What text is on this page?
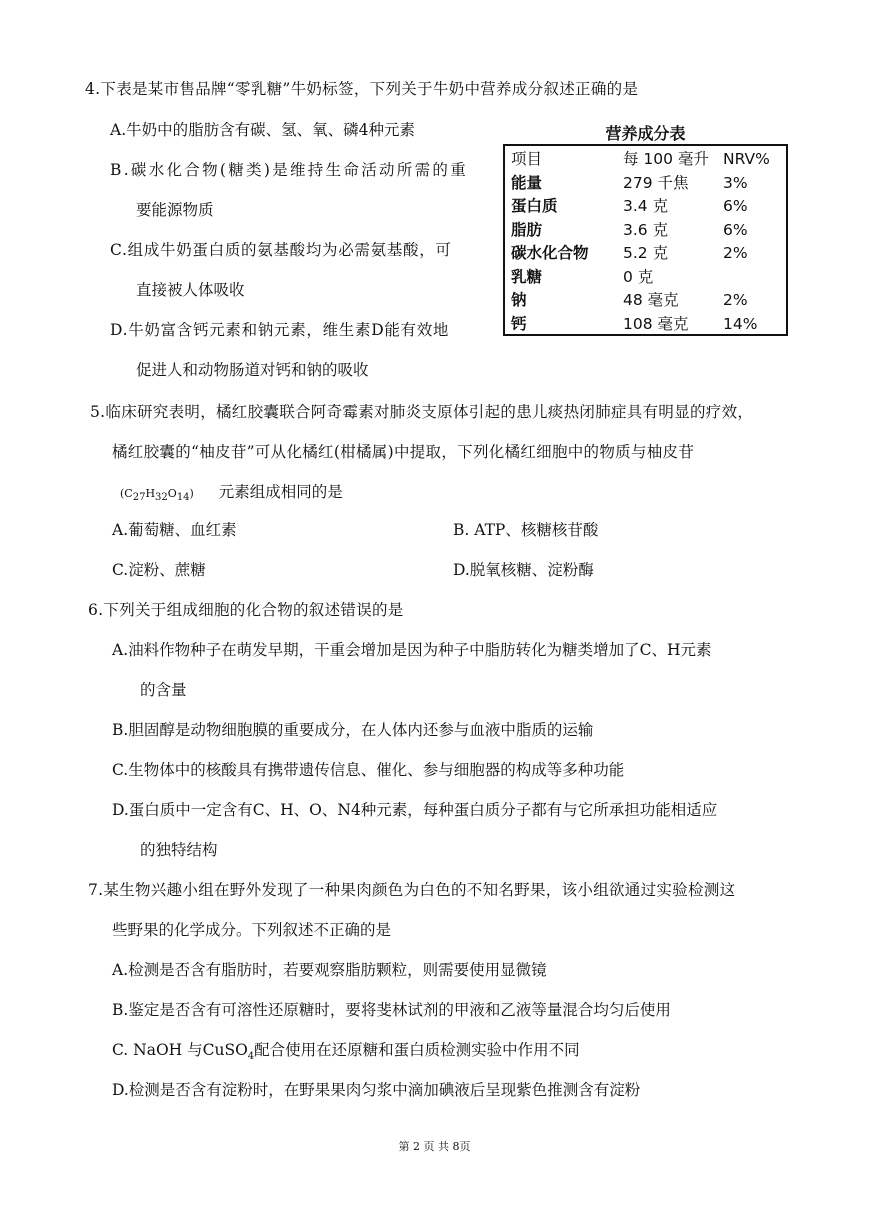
4.下表是某市售品牌“零乳糖”牛奶标签，下列关于牛奶中营养成分叙述正确的是
A.牛奶中的脂肪含有碳、氢、氧、磷4种元素
B.碳水化合物(糖类)是维持生命活动所需的重
要能源物质
C.组成牛奶蛋白质的氨基酸均为必需氨基酸，可
直接被人体吸收
D.牛奶富含钙元素和钠元素，维生素D能有效地
促进人和动物肠道对钙和钠的吸收
营养成分表
项目	每 100 毫升	NRV%
能量	279 千焦	3%
蛋白质	3.4 克	6%
脂肪	3.6 克	6%
碳水化合物	5.2 克	2%
乳糖	0 克	
钠	48 毫克	2%
钙	108 毫克	14%
5.临床研究表明，橘红胶囊联合阿奇霉素对肺炎支原体引起的患儿痰热闭肺症具有明显的疗效，
橘红胶囊的“柚皮苷”可从化橘红(柑橘属)中提取，下列化橘红细胞中的物质与柚皮苷
$(C_{27}H_{32}O_{14})$ 元素组成相同的是
A.葡萄糖、血红素	B. ATP、核糖核苷酸
C.淀粉、蔗糖	D.脱氧核糖、淀粉酶
6.下列关于组成细胞的化合物的叙述错误的是
A.油料作物种子在萌发早期，干重会增加是因为种子中脂肪转化为糖类增加了C、H元素
的含量
B.胆固醇是动物细胞膜的重要成分，在人体内还参与血液中脂质的运输
C.生物体中的核酸具有携带遗传信息、催化、参与细胞器的构成等多种功能
D.蛋白质中一定含有C、H、O、N4种元素，每种蛋白质分子都有与它所承担功能相适应
的独特结构
7.某生物兴趣小组在野外发现了一种果肉颜色为白色的不知名野果，该小组欲通过实验检测这
些野果的化学成分。下列叙述不正确的是
A.检测是否含有脂肪时，若要观察脂肪颗粒，则需要使用显微镜
B.鉴定是否含有可溶性还原糖时，要将斐林试剂的甲液和乙液等量混合均匀后使用
C. NaOH 与CuSO$_4$配合使用在还原糖和蛋白质检测实验中作用不同
D.检测是否含有淀粉时，在野果果肉匀浆中滴加碘液后呈现紫色推测含有淀粉
第 2 页 共 8页
